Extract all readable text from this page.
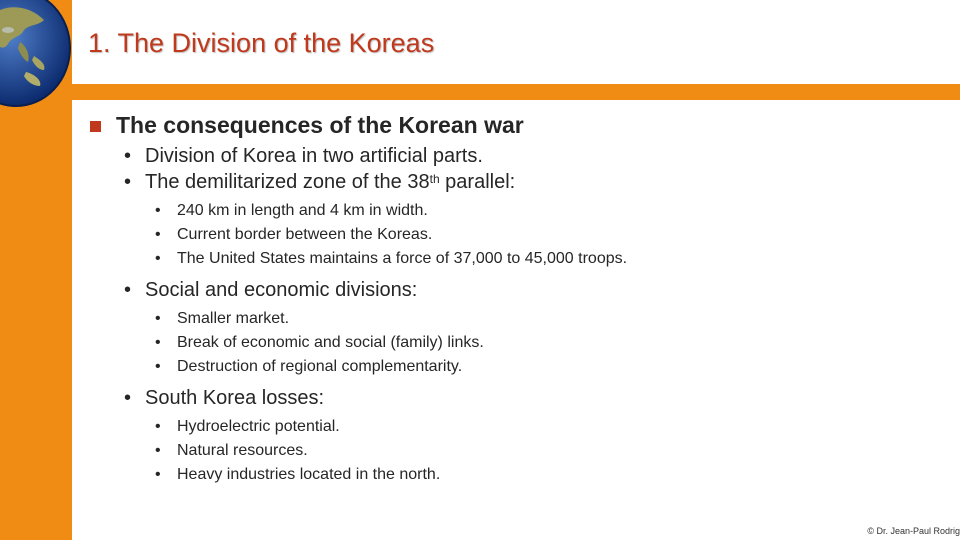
1. The Division of the Koreas
The consequences of the Korean war
• Division of Korea in two artificial parts.
• The demilitarized zone of the 38th parallel:
• 240 km in length and 4 km in width.
• Current border between the Koreas.
• The United States maintains a force of 37,000 to 45,000 troops.
• Social and economic divisions:
• Smaller market.
• Break of economic and social (family) links.
• Destruction of regional complementarity.
• South Korea losses:
• Hydroelectric potential.
• Natural resources.
• Heavy industries located in the north.
© Dr. Jean-Paul Rodrig
